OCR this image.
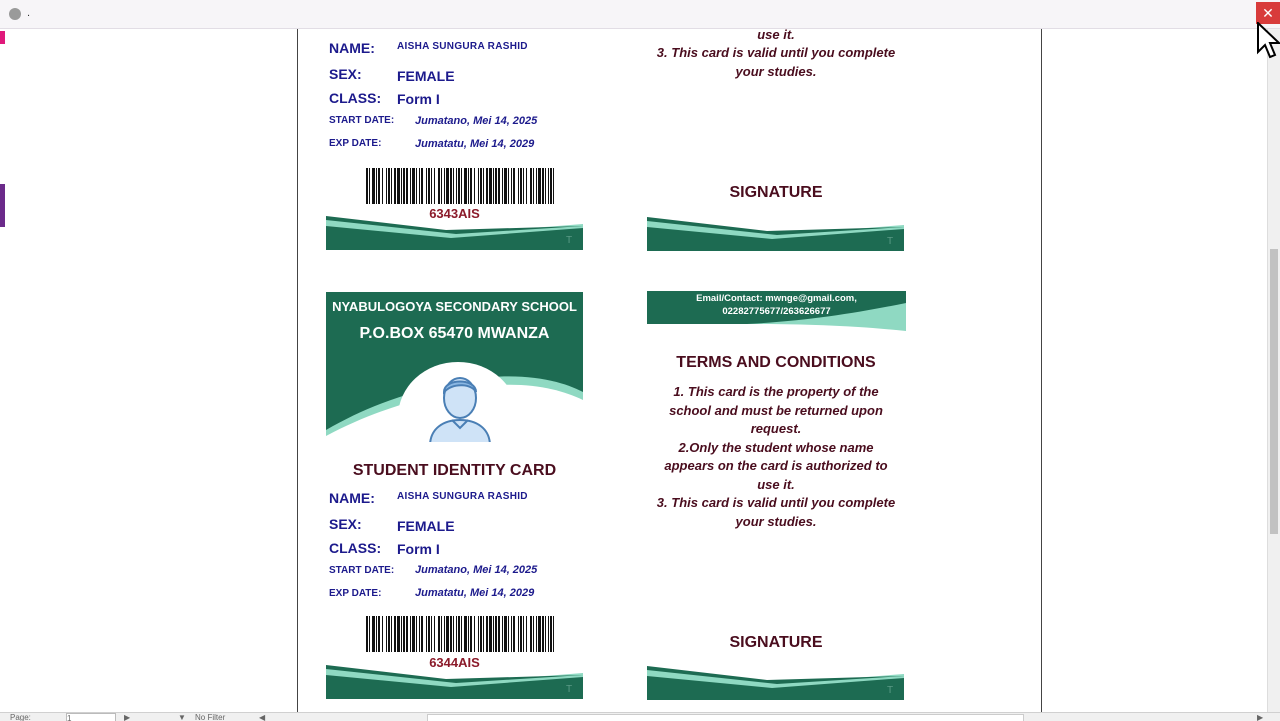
.	✕
NAME: AISHA SUNGURA RASHID
SEX:	FEMALE
CLASS: Form I
START DATE: Jumatano, Mei 14, 2025
EXP DATE:	Jumatatu, Mei 14, 2029
6343AIS
T
use it.
3. This card is valid until you complete
your studies.
SIGNATURE
T
NYABULOGOYA SECONDARY SCHOOL
P.O.BOX 65470 MWANZA
STUDENT IDENTITY CARD
NAME: AISHA SUNGURA RASHID
SEX:	FEMALE
CLASS: Form I
START DATE: Jumatano, Mei 14, 2025
EXP DATE:	Jumatatu, Mei 14, 2029
6344AIS
T
Email/Contact: mwnge@gmail.com,
02282775677/263626677
TERMS AND CONDITIONS
1. This card is the property of the
school and must be returned upon
request.
2.Only the student whose name
appears on the card is authorized to
use it.
3. This card is valid until you complete
your studies.
SIGNATURE
T
Page:	1	▶	▼ No Filter	◀	▶
